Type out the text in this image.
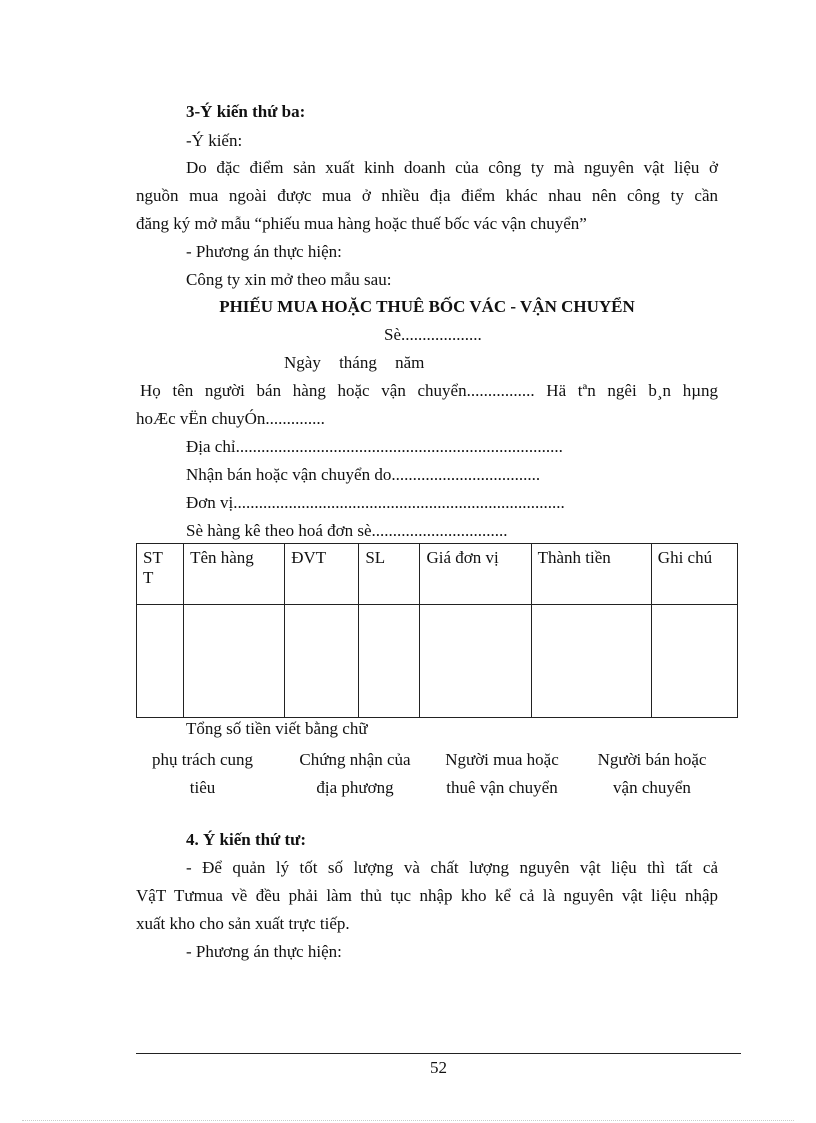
3-Ý kiến thứ ba:
-Ý kiến:
Do đặc điểm sản xuất kinh doanh của công ty mà nguyên vật liệu ở
nguồn mua ngoài được mua ở nhiều địa điểm khác nhau nên công ty cần
đăng ký mở mẫu “phiếu mua hàng hoặc thuế bốc vác vận chuyển”
- Phương án thực hiện:
Công ty xin mở theo mẫu sau:
PHIẾU MUA HOẶC THUÊ BỐC VÁC - VẬN CHUYỂN
Sè...................
Ngày tháng năm
Họ tên người bán hàng hoặc vận chuyển................ Hä tªn ngêi b¸n hµng
hoÆc vËn chuyÓn..............
Địa chỉ.............................................................................
Nhận bán hoặc vận chuyển do...................................
Đơn vị..............................................................................
Sè hàng kê theo hoá đơn sè................................
ST T	Tên hàng	ĐVT	SL	Giá đơn vị	Thành tiền	Ghi chú

Tổng số tiền viết bằng chữ
phụ trách cung
tiêu
Chứng nhận của
địa phương
Người mua hoặc
thuê vận chuyển
Người bán hoặc
vận chuyển
4. Ý kiến thứ tư:
- Để quản lý tốt số lượng và chất lượng nguyên vật liệu thì tất cả
VậT Tưmua về đều phải làm thủ tục nhập kho kể cả là nguyên vật liệu nhập
xuất kho cho sản xuất trực tiếp.
- Phương án thực hiện:
52
